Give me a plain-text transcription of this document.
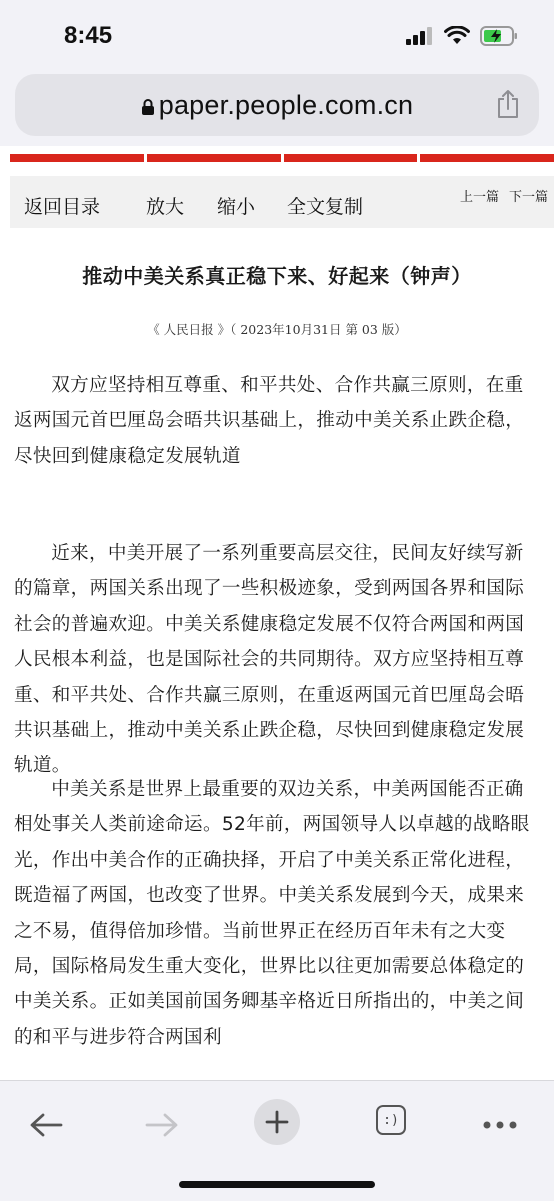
8:45
paper.people.com.cn
返回目录 放大 缩小 全文复制	上一篇 下一篇
推动中美关系真正稳下来、好起来（钟声）
《 人民日报 》（ 2023年10月31日 第 03 版）

双方应坚持相互尊重、和平共处、合作共赢三原则，在重返两国元首巴厘岛会晤共识基础上，推动中美关系止跌企稳，尽快回到健康稳定发展轨道

近来，中美开展了一系列重要高层交往，民间友好续写新的篇章，两国关系出现了一些积极迹象，受到两国各界和国际社会的普遍欢迎。中美关系健康稳定发展不仅符合两国和两国人民根本利益，也是国际社会的共同期待。双方应坚持相互尊重、和平共处、合作共赢三原则，在重返两国元首巴厘岛会晤共识基础上，推动中美关系止跌企稳，尽快回到健康稳定发展轨道。

中美关系是世界上最重要的双边关系，中美两国能否正确相处事关人类前途命运。52年前，两国领导人以卓越的战略眼光，作出中美合作的正确抉择，开启了中美关系正常化进程，既造福了两国，也改变了世界。中美关系发展到今天，成果来之不易，值得倍加珍惜。当前世界正在经历百年未有之大变局，国际格局发生重大变化，世界比以往更加需要总体稳定的中美关系。正如美国前国务卿基辛格近日所指出的，中美之间的和平与进步符合两国利

:)
